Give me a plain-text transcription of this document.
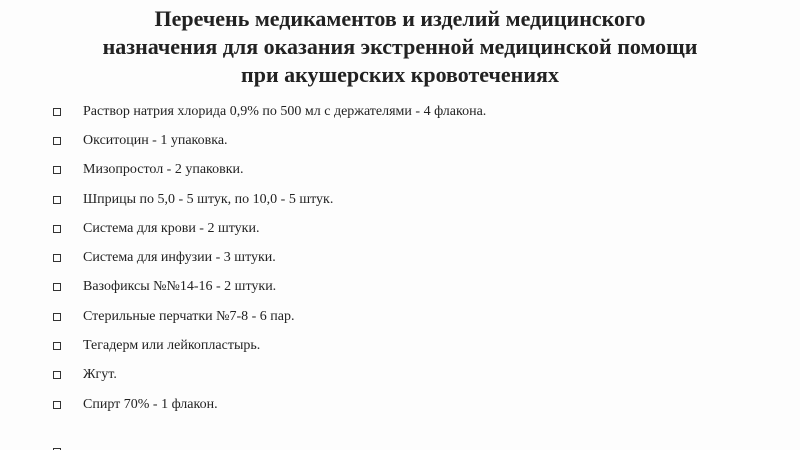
Перечень медикаментов и изделий медицинского
назначения для оказания экстренной медицинской помощи
при акушерских кровотечениях
Раствор натрия хлорида 0,9% по 500 мл с держателями - 4 флакона.
Окситоцин - 1 упаковка.
Мизопростол - 2 упаковки.
Шприцы по 5,0 - 5 штук, по 10,0 - 5 штук.
Система для крови - 2 штуки.
Система для инфузии - 3 штуки.
Вазофиксы №№14-16 - 2 штуки.
Стерильные перчатки №7-8 - 6 пар.
Тегадерм или лейкопластырь.
Жгут.
Спирт 70% - 1 флакон.
